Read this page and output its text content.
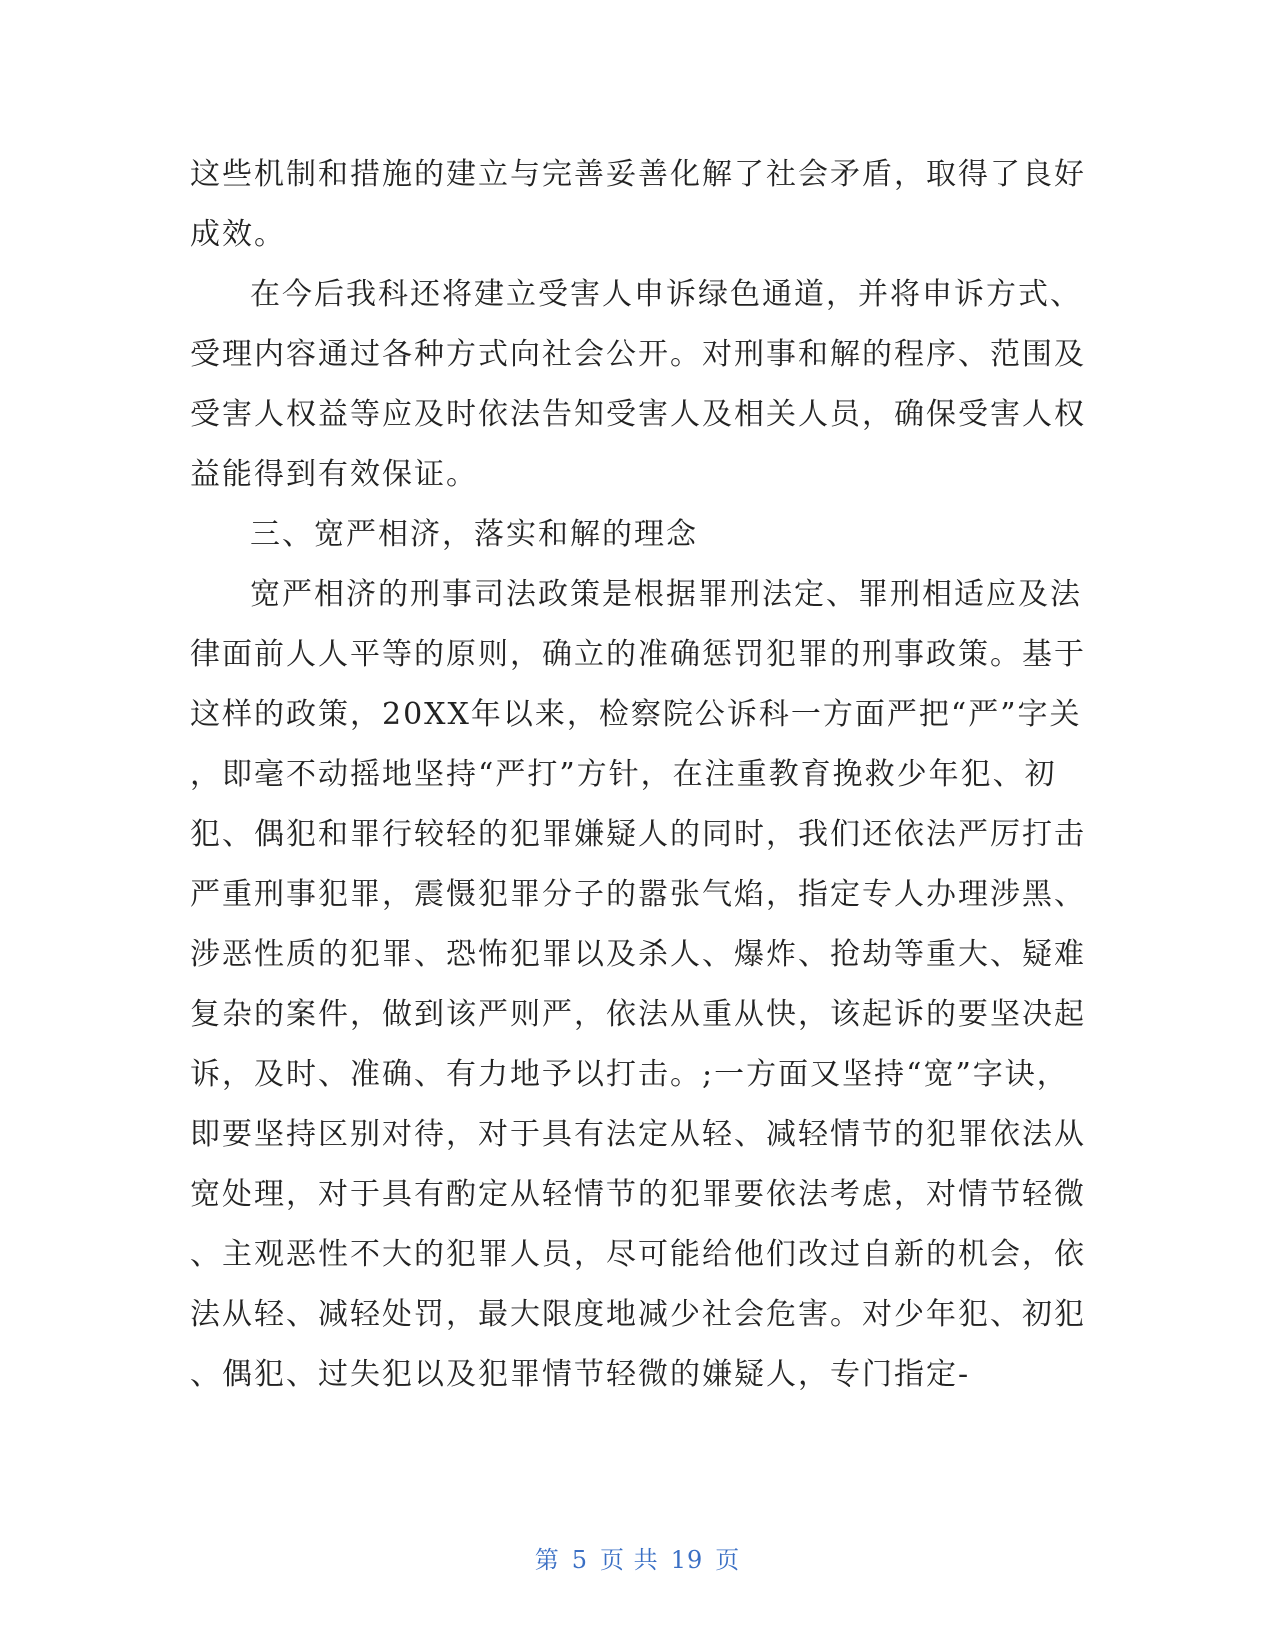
这些机制和措施的建立与完善妥善化解了社会矛盾，取得了良好
成效。
在今后我科还将建立受害人申诉绿色通道，并将申诉方式、
受理内容通过各种方式向社会公开。对刑事和解的程序、范围及
受害人权益等应及时依法告知受害人及相关人员，确保受害人权
益能得到有效保证。
三、宽严相济，落实和解的理念
宽严相济的刑事司法政策是根据罪刑法定、罪刑相适应及法
律面前人人平等的原则，确立的准确惩罚犯罪的刑事政策。基于
这样的政策，20XX年以来，检察院公诉科一方面严把“严”字关
，即毫不动摇地坚持“严打”方针，在注重教育挽救少年犯、初
犯、偶犯和罪行较轻的犯罪嫌疑人的同时，我们还依法严厉打击
严重刑事犯罪，震慑犯罪分子的嚣张气焰，指定专人办理涉黑、
涉恶性质的犯罪、恐怖犯罪以及杀人、爆炸、抢劫等重大、疑难
复杂的案件，做到该严则严，依法从重从快，该起诉的要坚决起
诉，及时、准确、有力地予以打击。;一方面又坚持“宽”字诀，
即要坚持区别对待，对于具有法定从轻、减轻情节的犯罪依法从
宽处理，对于具有酌定从轻情节的犯罪要依法考虑，对情节轻微
、主观恶性不大的犯罪人员，尽可能给他们改过自新的机会，依
法从轻、减轻处罚，最大限度地减少社会危害。对少年犯、初犯
、偶犯、过失犯以及犯罪情节轻微的嫌疑人，专门指定-
第 5 页 共 19 页
